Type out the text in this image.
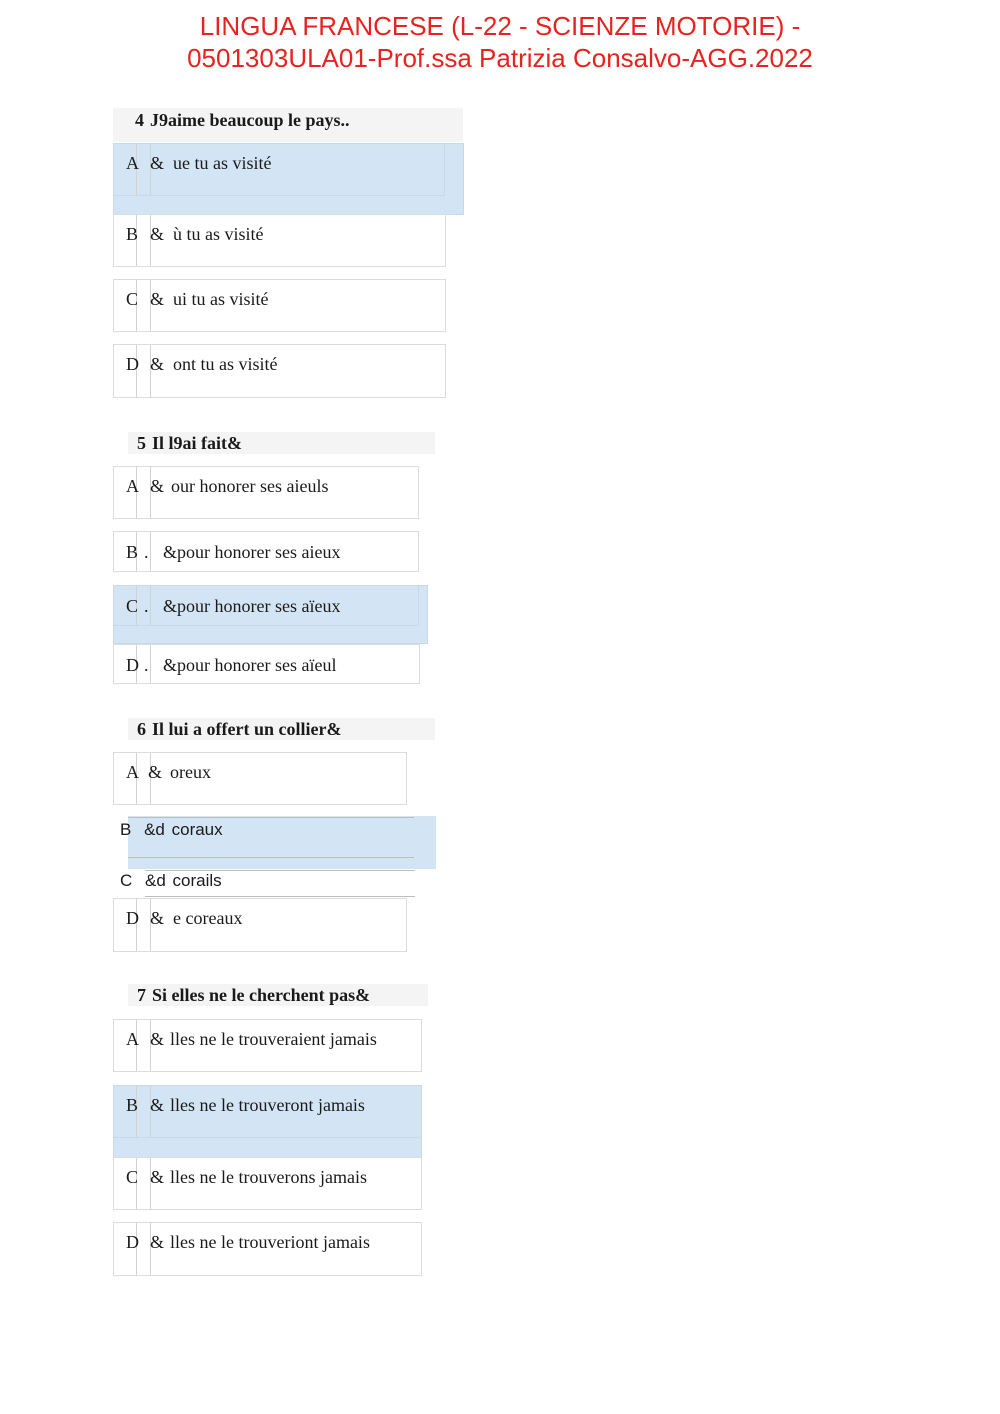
LINGUA FRANCESE (L-22 - SCIENZE MOTORIE) -
0501303ULA01-Prof.ssa Patrizia Consalvo-AGG.2022
4 J9aime beaucoup le pays..
A & ue tu as visité
B & ù tu as visité
C & ui tu as visité
D & ont tu as visité
5 Il l9ai fait&
A & our honorer ses aieuls
B . &pour honorer ses aieux
C . &pour honorer ses aïeux
D . &pour honorer ses aïeul
6 Il lui a offert un collier&
A & oreux
B &d coraux
C &d corails
D & e coreaux
7 Si elles ne le cherchent pas&
A & lles ne le trouveraient jamais
B & lles ne le trouveront jamais
C & lles ne le trouverons jamais
D & lles ne le trouveriont jamais
